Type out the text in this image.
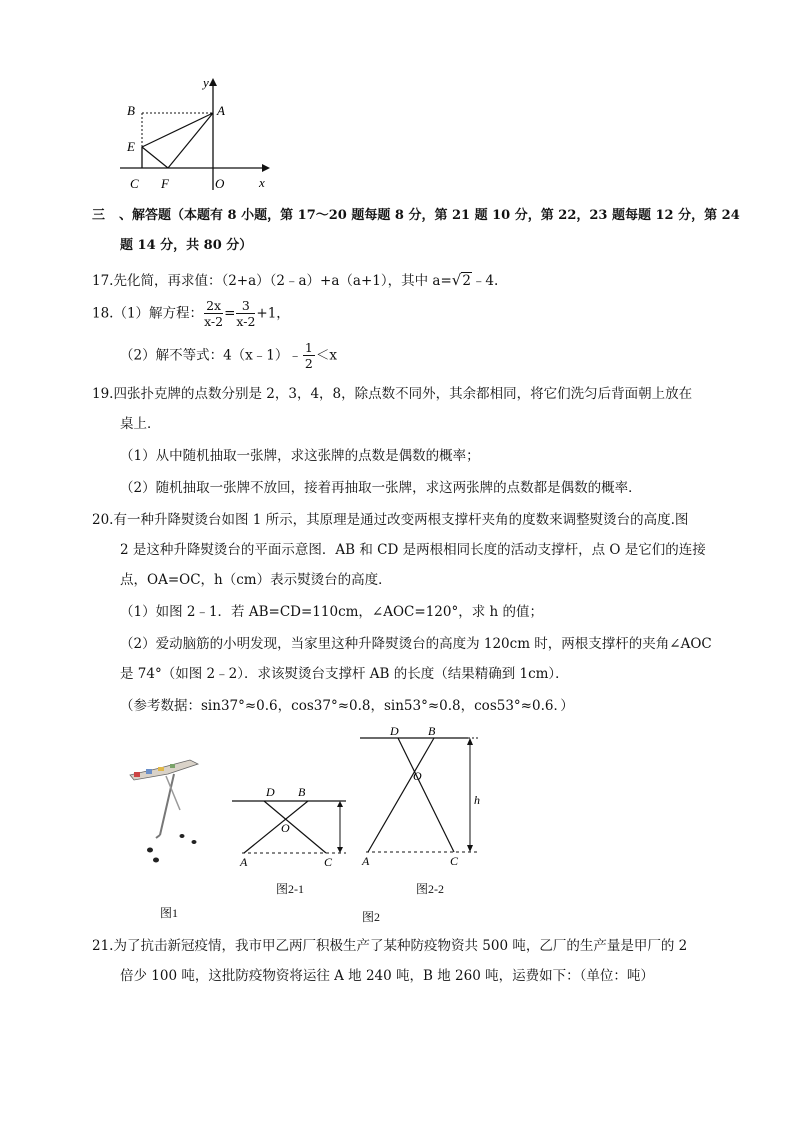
y
x
A
B
E
C F	O
三 、解答题（本题有 8 小题，第 17～20 题每题 8 分，第 21 题 10 分，第 22，23 题每题 12 分，第 24
题 14 分，共 80 分）
17.先化简，再求值：（2+a）（2﹣a）+a（a+1），其中 a=√2﹣4.
18.（1）解方程： $\frac{2x}{x-2} = \frac{3}{x-2} +1$，
（2）解不等式：4（x﹣1）﹣ $\frac{1}{2} <x$
19.四张扑克牌的点数分别是 2，3，4，8，除点数不同外，其余都相同，将它们洗匀后背面朝上放在
桌上．
（1）从中随机抽取一张牌，求这张牌的点数是偶数的概率；
（2）随机抽取一张牌不放回，接着再抽取一张牌，求这两张牌的点数都是偶数的概率．
20.有一种升降熨烫台如图 1 所示，其原理是通过改变两根支撑杆夹角的度数来调整熨烫台的高度.图
2 是这种升降熨烫台的平面示意图．AB 和 CD 是两根相同长度的活动支撑杆，点 O 是它们的连接
点，OA=OC，h（cm）表示熨烫台的高度．
（1）如图 2﹣1．若 AB=CD=110cm，∠AOC=120°，求 h 的值；
（2）爱动脑筋的小明发现，当家里这种升降熨烫台的高度为 120cm 时，两根支撑杆的夹角∠AOC
是 74°（如图 2﹣2）．求该熨烫台支撑杆 AB 的长度（结果精确到 1cm）．
（参考数据：sin37°≈0.6，cos37°≈0.8，sin53°≈0.8，cos53°≈0.6．）
图1
D B
O
A	C
图2-1
D B
O
h
A	C
图2-2
图2
21.为了抗击新冠疫情，我市甲乙两厂积极生产了某种防疫物资共 500 吨，乙厂的生产量是甲厂的 2
倍少 100 吨，这批防疫物资将运往 A 地 240 吨，B 地 260 吨，运费如下：（单位：吨）
